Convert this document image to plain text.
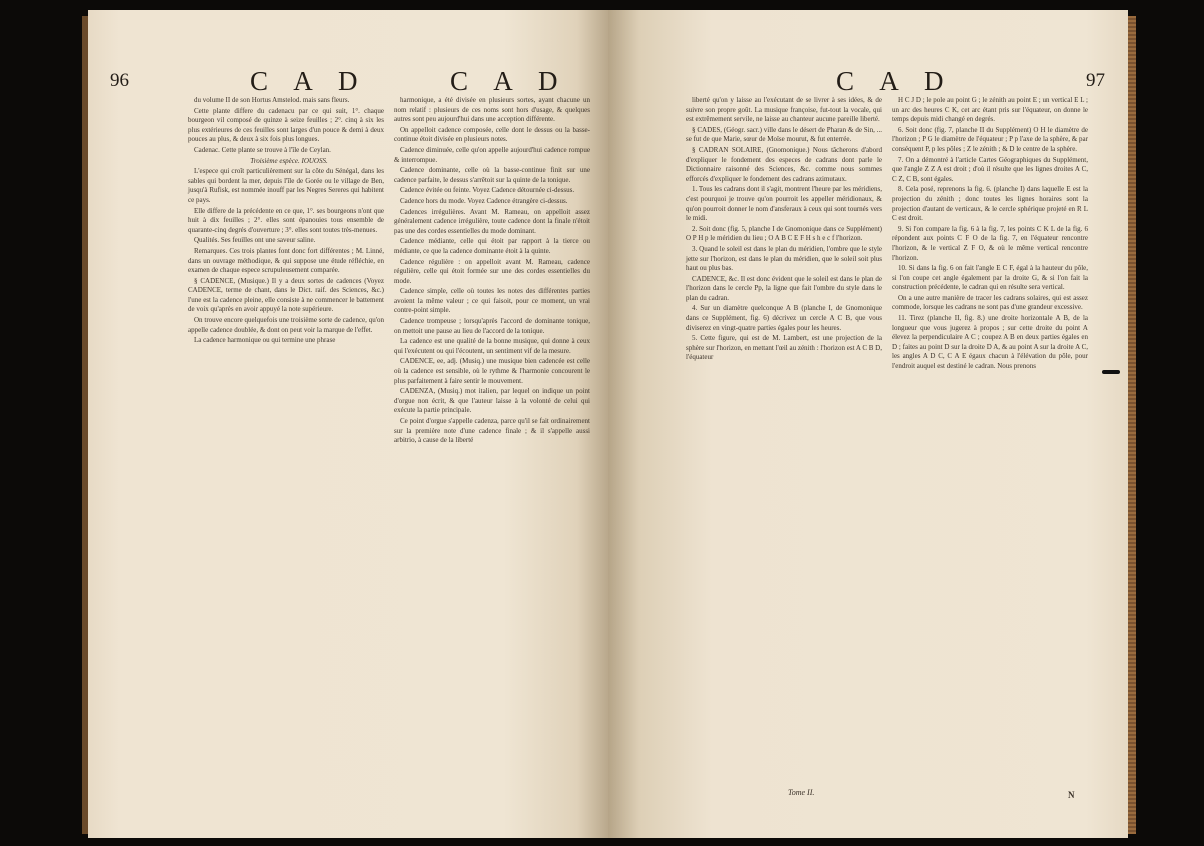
96	C A D	C A D

du volume II de son Hortus Amstelod. mais sans fleurs.

Cette plante differe du cadenacu par ce qui suit, 1°. chaque bourgeon vil composé de quinze à seize feuilles ; 2°. cinq à six les plus extérieures de ces feuilles sont larges d'un pouce & demi à deux pouces au plus, & deux à six fois plus longues.

Cadenac. Cette plante se trouve à l'île de Ceylan.

Troisième espèce. IOUOSS.

L'espece qui croît particulièrement sur la côte du Sénégal, dans les sables qui bordent la mer, depuis l'île de Gorée ou le village de Ben, jusqu'à Rufisk, est nommée inouff par les Negres Sereres qui habitent ce pays.

Elle differe de la précédente en ce que, 1°. ses bourgeons n'ont que huit à dix feuilles ; 2°. elles sont épanouies tous ensemble de quarante-cinq degrés d'ouverture ; 3°. elles sont toutes très-menues.

Qualités. Ses feuilles ont une saveur saline.

Remarques. Ces trois plantes font donc fort différentes ; M. Linné, dans un ouvrage méthodique, & qui suppose une étude réfléchie, en examen de chaque espece scrupuleusement comparée.

§ CADENCE, (Musique.) Il y a deux sortes de cadences (Voyez CADENCE, terme de chant, dans le Dict. raif. des Sciences, &c.) l'une est la cadence pleine, elle consiste à ne commencer le battement de voix qu'après en avoir appuyé la note supérieure.

On trouve encore quelquefois une troisième sorte de cadence, qu'on appelle cadence doublée, & dont on peut voir la marque de l'effet.

La cadence harmonique ou qui termine une phrase

harmonique, a été divisée en plusieurs sortes, ayant chacune un nom relatif : plusieurs de ces noms sont hors d'usage, & quelques autres sont peu aujourd'hui dans une acception différente.

On appelloit cadence composée, celle dont le dessus ou la basse-continue étoit divisée en plusieurs notes.

Cadence diminuée, celle qu'on appelle aujourd'hui cadence rompue & interrompue.

Cadence dominante, celle où la basse-continue finit sur une cadence parfaite, le dessus s'arrêtoit sur la quinte de la tonique.

Cadence évitée ou feinte. Voyez Cadence détournée ci-dessus.

Cadence hors du mode. Voyez Cadence étrangère ci-dessus.

Cadences irrégulières. Avant M. Rameau, on appelloit assez généralement cadence irrégulière, toute cadence dont la finale n'étoit pas une des cordes essentielles du mode dominant.

Cadence médiante, celle qui étoit par rapport à la tierce ou médiante, ce que la cadence dominante étoit à la quinte.

Cadence régulière : on appelloit avant M. Rameau, cadence régulière, celle qui étoit formée sur une des cordes essentielles du mode.

Cadence simple, celle où toutes les notes des différentes parties avoient la même valeur ; ce qui faisoit, pour ce moment, un vrai contre-point simple.

Cadence trompeuse ; lorsqu'après l'accord de dominante tonique, on mettoit une pause au lieu de l'accord de la tonique.

La cadence est une qualité de la bonne musique, qui donne à ceux qui l'exécutent ou qui l'écoutent, un sentiment vif de la mesure.

CADENCE, ee, adj. (Musiq.) une musique bien cadencée est celle où la cadence est sensible, où le rythme & l'harmonie concourent le plus parfaitement à faire sentir le mouvement.

CADENZA, (Musiq.) mot italien, par lequel on indique un point d'orgue non écrit, & que l'auteur laisse à la volonté de celui qui exécute la partie principale.

Ce point d'orgue s'appelle cadenza, parce qu'il se fait ordinairement sur la première note d'une cadence finale ; & il s'appelle aussi arbitrio, à cause de la liberté

C A D	97

liberté qu'on y laisse au l'exécutant de se livrer à ses idées, & de suivre son propre goût. La musique françoise, fut-tout la vocale, qui est extrêmement servile, ne laisse au chanteur aucune pareille liberté.

§ CADES, (Géogr. sacr.) ville dans le désert de Pharan & de Sin, ... se fut de que Marie, sœur de Moïse mourut, & fut enterrée.

§ CADRAN SOLAIRE, (Gnomonique.) Nous tâcherons d'abord d'expliquer le fondement des especes de cadrans dont parle le Dictionnaire raisonné des Sciences, &c. comme nous sommes efforcés d'expliquer le fondement des cadrans azimutaux.

1. Tous les cadrans dont il s'agit, montrent l'heure par les méridiens, c'est pourquoi je trouve qu'on pourroit les appeller méridionaux, & qu'on pourroit donner le nom d'ansferaux à ceux qui sont tournés vers le midi.

2. Soit donc (fig. 5, planche I de Gnomonique dans ce Supplément) O P H p le méridien du lieu ; O A B C E F H s h e c f l'horizon.

3. Quand le soleil est dans le plan du méridien, l'ombre que le style jette sur l'horizon, est dans le plan du méridien, que le soleil soit plus haut ou plus bas.

CADENCE, &c. Il est donc évident que le soleil est dans le plan de l'horizon dans le cercle Pp, la ligne que fait l'ombre du style dans le plan du cadran.

4. Sur un diamètre quelconque A B (planche I, de Gnomonique dans ce Supplément, fig. 6) décrivez un cercle A C B, que vous diviserez en vingt-quatre parties égales pour les heures.

5. Cette figure, qui est de M. Lambert, est une projection de la sphère sur l'horizon, en mettant l'œil au zénith : l'horizon est A C B D, l'équateur

H C J D ; le pole au point G ; le zénith au point E ; un vertical E L ; un arc des heures C K, cet arc étant pris sur l'équateur, on donne le temps depuis midi changé en degrés.

6. Soit donc (fig. 7, planche II du Supplément) O H le diamètre de l'horizon ; P G le diamètre de l'équateur ; P p l'axe de la sphère, & par conséquent P, p les pôles ; Z le zénith ; & D le centre de la sphère.

7. On a démontré à l'article Cartes Géographiques du Supplément, que l'angle Z Z A est droit ; d'où il résulte que les lignes droites A C, C Z, C B, sont égales.

8. Cela posé, reprenons la fig. 6. (planche I) dans laquelle E est la projection du zénith ; donc toutes les lignes horaires sont la projection d'autant de verticaux, & le cercle sphérique projeté en R L C est droit.

9. Si l'on compare la fig. 6 à la fig. 7, les points C K L de la fig. 6 répondent aux points C F O de la fig. 7, en l'équateur rencontre l'horizon, & le vertical Z F O, & où le même vertical rencontre l'horizon.

10. Si dans la fig. 6 on fait l'angle E C F, égal à la hauteur du pôle, si l'on coupe cet angle également par la droite G, & si l'on fait la construction précédente, le cadran qui en résulte sera vertical.

On a une autre manière de tracer les cadrans solaires, qui est assez commode, lorsque les cadrans ne sont pas d'une grandeur excessive.

11. Tirez (planche II, fig. 8.) une droite horizontale A B, de la longueur que vous jugerez à propos ; sur cette droite du point A élevez la perpendiculaire A C ; coupez A B en deux parties égales en D ; faites au point D sur la droite D A, & au point A sur la droite A C, les angles A D C, C A E égaux chacun à l'élévation du pôle, pour l'endroit auquel est destiné le cadran. Nous prenons

Tome II.	N
